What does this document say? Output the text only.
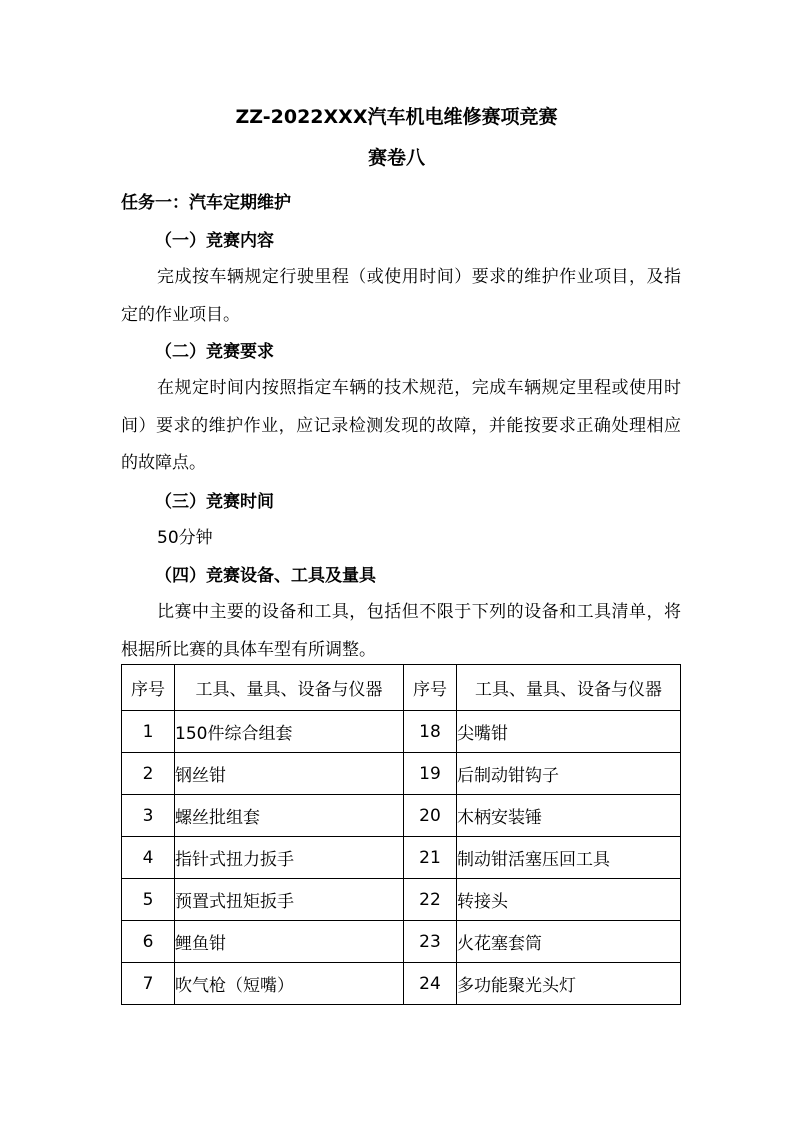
ZZ-2022XXX汽车机电维修赛项竞赛
赛卷八
任务一：汽车定期维护
（一）竞赛内容
完成按车辆规定行驶里程（或使用时间）要求的维护作业项目，及指定的作业项目。
（二）竞赛要求
在规定时间内按照指定车辆的技术规范，完成车辆规定里程或使用时间）要求的维护作业，应记录检测发现的故障，并能按要求正确处理相应的故障点。
（三）竞赛时间
50分钟
（四）竞赛设备、工具及量具
比赛中主要的设备和工具，包括但不限于下列的设备和工具清单，将根据所比赛的具体车型有所调整。
序号	工具、量具、设备与仪器	序号	工具、量具、设备与仪器
1	150件综合组套	18	尖嘴钳
2	钢丝钳	19	后制动钳钩子
3	螺丝批组套	20	木柄安装锤
4	指针式扭力扳手	21	制动钳活塞压回工具
5	预置式扭矩扳手	22	转接头
6	鲤鱼钳	23	火花塞套筒
7	吹气枪（短嘴）	24	多功能聚光头灯
